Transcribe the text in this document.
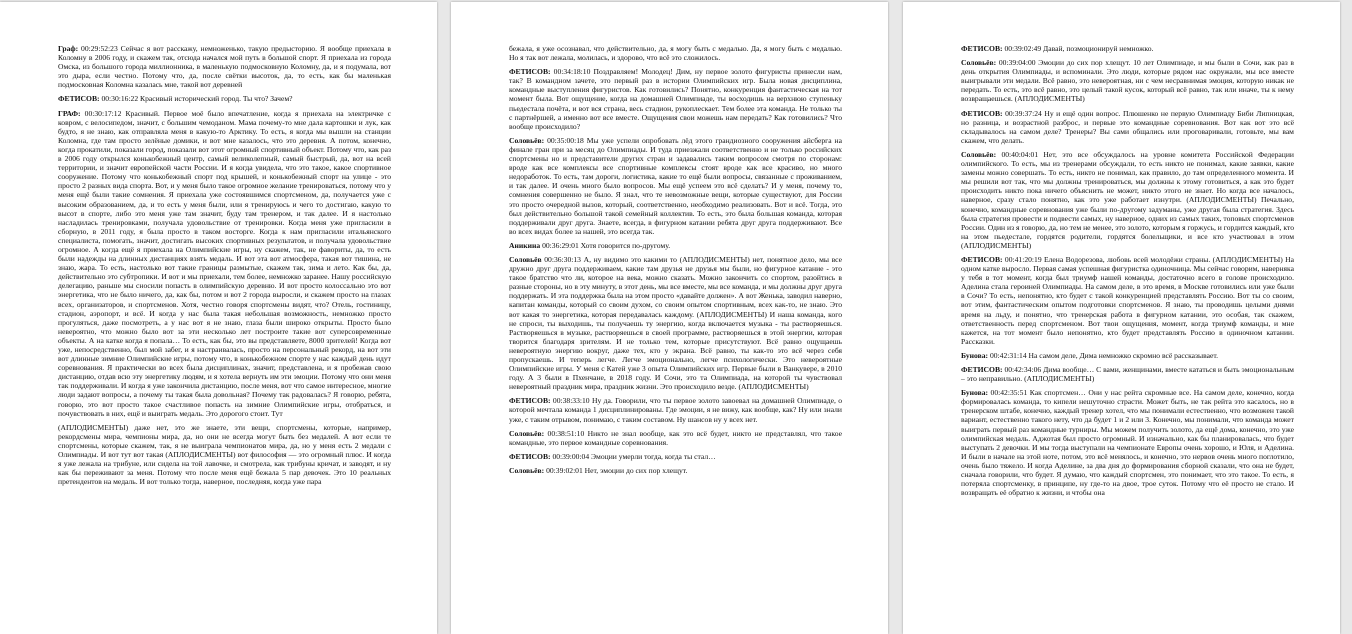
Граф: 00:29:52:23 Сейчас я вот расскажу, немноженько, такую предысторию. Я вообще приехала в Коломну в 2006 году, и скажем так, отсюда начался мой путь в большой спорт. Я приехала из города Омска, из большого города миллионника, в маленькую подмосковную Коломну, да, и я подумала, вот это дыра, если честно. Потому что, да, после свётки высоток, да, то есть, как бы маленькая подмосковная Коломна казалась мне, такой вот деревней

ФЕТИСОВ: 00:30:16:22 Красивый исторический город. Ты что? Зачем?

ГРАФ: 00:30:17:12 Красивый. Первое моё было впечатление, когда я приехала на электричке с ковром, с велосипедом, значит, с большим чемоданом. Мама почему-то мне дала картошки и лук, как будто, я не знаю, как отправляла меня в какую-то Арктику. То есть, я когда мы вышли на станции Коломна, где там просто зелёные домики, и вот мне казалось, что это деревня. А потом, конечно, когда прокатили, показали город, показали вот этот огромный спортивный объект. Потому что, как раз в 2006 году открылся конькобежный центр, самый великолепный, самый быстрый, да, вот на всей территории, и значит европейской части России. И я когда увидела, что это такое, какое спортивное сооружение. Потому что конькобежный спорт под крышей, и конькобежный спорт на улице - это просто 2 разных вида спорта. Вот, и у меня было такое огромное желание тренироваться, потому что у меня ещё были такие сомнения. Я приехала уже состоявшимся спортсменом, да, получается уже с высоким образованием, да, и то есть у меня были, или я тренируюсь и чего то достигаю, какую то высот в спорте, либо это меня уже там значит, буду там тренером, и так далее. И я настолько насладилась тренировками, получала удовольствие от тренировки. Когда меня уже пригласили в сборную, в 2011 году, я была просто в таком восторге. Когда к нам пригласили итальянского специалиста, помогать, значит, достигать высоких спортивных результатов, и получала удовольствие огромное. А когда ещё я приехала на Олимпийские игры, ну скажем, так, не фавориты, да, то есть были надежды на длинных дистанциях взять медаль. И вот эта вот атмосфера, такая вот тишина, не знаю, жара. То есть, настолько вот такие границы размытые, скажем так, зима и лето. Как бы, да, действительно это субтропики. И вот и мы приехали, тем более, немножко заранее. Нашу российскую делегацию, раньше мы сносили попасть в олимпийскую деревню. И вот просто колоссально это вот энергетика, что не было ничего, да, как бы, потом и вот 2 города выросли, и скажем просто на глазах всех, организаторов, и спортсменов. Хотя, честно говоря спортсмены видят, что? Отель, гостиницу, стадион, аэропорт, и всё. И когда у нас была такая небольшая возможность, немножко просто прогуляться, даже посмотреть, а у нас вот я не знаю, глаза были широко открыты. Просто было невероятно, что можно было вот за эти несколько лет построите такие вот суперсовременные объекты. А на катке когда я попала… То есть, как бы, это вы представляете, 8000 зрителей! Когда вот уже, непосредственно, был мой забег, и я настраивалась, просто на персональный рекорд, на вот эти вот длинные зимние Олимпийские игры, потому что, в конькобежном спорте у нас каждый день идут соревнования. Я практически во всех была дисциплинах, значит, представлена, и я пробежав свою дистанцию, отдав всю эту энергетику людям, и я хотела вернуть им эти эмоции. Потому что они меня так поддерживали. И когда я уже закончила дистанцию, после меня, вот что самое интересное, многие люди задают вопросы, а почему ты такая была довольная? Почему так радовалась? Я говорю, ребята, говорю, это вот просто такое счастливое попасть на зимние Олимпийские игры, отобраться, и почувствовать в них, ещё и выиграть медаль. Это дорогого стоит. Тут

(АПЛОДИСМЕНТЫ) даже нет, это же знаете, эти вещи, спортсмены, которые, например, рекордсмены мира, чемпионы мира, да, но они не всегда могут быть без медалей. А вот если те спортсмены, которые скажем, так, я не выиграла чемпионатов мира, да, но у меня есть 2 медали с Олимпиады. И вот тут вот такая (АПЛОДИСМЕНТЫ) вот философия — это огромный плюс. И когда я уже лежала на трибуне, или сидела на той лавочке, и смотрела, как трибуны кричат, и заводят, и ну как бы переживают за меня. Потому что после меня ещё бежала 5 пар девочек. Это 10 реальных претендентов на медаль. И вот только тогда, наверное, последняя, когда уже пара

бежала, я уже осознавал, что действительно, да, я могу быть с медалью. Да, я могу быть с медалью. Но я так вот лежала, молилась, и здорово, что всё это сложилось.

ФЕТИСОВ: 00:34:18:10 Поздравляем! Молодец! Дим, ну первое золото фигуристы принесли нам, так? В командном зачете, это первый раз в истории Олимпийских игр. Была новая дисциплина, командные выступления фигуристов. Как готовились? Понятно, конкуренция фантастическая на тот момент была. Вот ощущение, когда на домашней Олимпиаде, ты восходишь на верхнюю ступеньку пьедестала почёта, и вот вся страна, весь стадион, рукоплескает. Тем более эта команда. Не только ты с партнёршей, а именно вот все вместе. Ощущения свои можешь нам передать? Как готовились? Что вообще происходило?

Соловьёв: 00:35:00:18 Мы уже успели опробовать лёд этого грандиозного сооружения айсберга на финале гран при за месяц до Олимпиады. И туда приезжали соответственно и не только российских спортсмены но и представители других стран и задавались таким вопросом смотря по сторонам: вроде как все комплексы все спортивные комплексы стоят вроде как все красиво, но много недоработок. То есть, там дороги, логистика, какие то ещё были вопросы, связанные с проживанием, и так далее. И очень много было вопросов. Мы ещё успеем это всё сделать? И у меня, почему то, сомнения совершенно не было. Я знал, что те невозможные вещи, которые существуют, для России это просто очередной вызов, который, соответственно, необходимо реализовать. Вот и всё. Тогда, это был действительно большой такой семейный коллектив. То есть, это была большая команда, которая поддерживали друг друга. Знаете, всегда, в фигурном катании ребята друг друга поддерживают. Все во всех видах более за нашей, это всегда так.

Аникина 00:36:29:01 Хотя говорится по-другому.

Соловьёв 00:36:30:13 А, ну видимо это какими то (АПЛОДИСМЕНТЫ) нет, понятное дело, мы все дружно друг друга поддерживаем, какие там друзья не друзья мы были, но фигурное катание - это такое братство что ли, которое на века, можно сказать. Можно закончить со спортом, разойтись в разные стороны, но в эту минуту, в этот день, мы все вместе, мы все команда, и мы должны друг друга поддержать. И эта поддержка была на этом просто «давайте должен». А вот Женька, заводил наверно, капитан команды, который со своим духом, со своим опытом спортивным, всех как-то, не знаю. Это вот какая то энергетика, которая передавалась каждому. (АПЛОДИСМЕНТЫ) И наша команда, кого не спроси, ты выходишь, ты получаешь ту энергию, когда включается музыка - ты растворяешься. Растворяешься в музыке, растворяешься в своей программе, растворяешься в этой энергии, которая творится благодаря зрителям. И не только тем, которые присутствуют. Всё равно ощущаешь невероятную энергию вокруг, даже тех, кто у экрана. Всё равно, ты как-то это всё через себя пропускаешь. И теперь легче. Легче эмоционально, легче психологически. Это невероятные Олимпийские игры. У меня с Катей уже 3 опыта Олимпийских игр. Первые были в Ванкувере, в 2010 году. А 3 были в Пхенчане, в 2018 году. И Сочи, это та Олимпиада, на которой ты чувствовал невероятный праздник мира, праздник жизни. Это происходило везде. (АПЛОДИСМЕНТЫ)

ФЕТИСОВ: 00:38:33:10 Ну да. Говорили, что ты первое золото завоевал на домашней Олимпиаде, о которой мечтала команда 1 дисциплинированы. Где эмоции, я не вижу, как вообще, как? Ну или знали уже, с таким отрывом, понимаю, с таким составом. Ну шансов ну у всех нет.

Соловьёв: 00:38:51:10 Никто не знал вообще, как это всё будет, никто не представлял, что такое командные, это первое командные соревнования.

ФЕТИСОВ: 00:39:00:04 Эмоции умерли тогда, когда ты стал…

Соловьёв: 00:39:02:01 Нет, эмоции до сих пор хлещут.

ФЕТИСОВ: 00:39:02:49 Давай, позмоциониpуй немножко.

Соловьёв: 00:39:04:00 Эмоции до сих пор хлещут. 10 лет Олимпиаде, и мы были в Сочи, как раз в день открытия Олимпиады, и вспоминали. Это люди, которые рядом нас окружали, мы все вместе выигрывали эти медали. Всё равно, это невероятная, ни с чем несравнимая эмоция, которую никак не передать. То есть, это всё равно, это целый такой кусок, который всё равно, так или иначе, ты к нему возвращаешься. (АПЛОДИСМЕНТЫ)

ФЕТИСОВ: 00:39:37:24 Ну и ещё один вопрос. Плюшенко не первую Олимпиаду Биби Липницкая, но разница, и возрастной разброс, и первые это командные соревнования. Вот как вот это всё складывалось на самом деле? Тренеры? Вы сами общались или проговаривали, готовьте, мы вам скажем, что делать.

Соловьёв: 00:40:04:01 Нет, это все обсуждалось на уровне комитета Российской Федерации олимпийского. То есть, мы из тренерами обсуждали, то есть никто не понимал, какие заявки, какие замены можно совершать. То есть, никто не понимал, как правило, до там определенного момента. И мы решили вот так, что мы должны тренироваться, мы должны к этому готовиться, а как это будет происходить никто пока ничего объяснить не может, никто этого не знает. Но когда все началось, наверное, сразу стало понятно, как это уже работает изнутри. (АПЛОДИСМЕНТЫ) Печально, конечно, командные соревнования уже были по-другому задуманы, уже другая была стратегия. Здесь была стратегия провести и подвести самых, ну наверное, одних из самых таких, топовых спортсменов России. Один из я говорю, да, но тем не менее, это золото, которым я горжусь, и гордится каждый, кто на этом пьедестале, гордятся родители, гордятся болельщики, и все кто участвовал в этом (АПЛОДИСМЕНТЫ)

ФЕТИСОВ: 00:41:20:19 Елена Водорезова, любовь всей молодёжи страны. (АПЛОДИСМЕНТЫ) На одном катке выросло. Первая самая успешная фигуристка одиночница. Мы сейчас говорим, наверняка у тебя в тот момент, когда был триумф нашей команды, достаточно всего в голове происходило. Аделина стала героиней Олимпиады. На самом деле, в это время, в Москве готовились или уже были в Сочи? То есть, непонятно, кто будет с такой конкуренцией представлять Россию. Вот ты со своим, вот этим, фантастическим опытом подготовки спортсменов. Я знаю, ты проводишь целыми днями время на льду, и понятно, что тренерская работа в фигурном катании, это особая, так скажем, ответственность перед спортсменом. Вот твои ощущения, момент, когда триумф команды, и мне кажется, на тот момент было непонятно, кто будет представлять Россию в одиночном катании. Рассказки.

Бунова: 00:42:31:14 На самом деле, Дима немножко скромно всё рассказывает.

ФЕТИСОВ: 00:42:34:06 Дима вообще… С вами, женщинами, вместе кататься и быть эмоциональным – это неправильно. (АПЛОДИСМЕНТЫ)

Бунова: 00:42:35:51 Как спортсмен… Они у нас рейта скромные все. На самом деле, конечно, когда формировалась команда, то кипели нешуточно страсти. Может быть, не так рейта это касалось, но в тренерском штабе, конечно, каждый тренер хотел, что мы понимали естественно, что возможен такой вариант, естественно такого нету, что да будет 1 и 2 или 3. Конечно, мы понимали, что команда может выиграть первый раз командные турниры. Мы можем получить золото, да ещё дома, конечно, это уже олимпийская медаль. Аджотая был просто огромный. И изначально, как бы планировалась, что будет выступать 2 девочки. И мы тогда выступали на чемпионате Европы очень хорошо, и Юля, и Аделина. И были в начале на этой ноте, потом, это всё менялось, и конечно, это нервов очень много поглотило, очень было тяжело. И когда Аделине, за два дня до формирования сборной сказали, что она не будет, сначала говорили, что будет. Я думаю, что каждый спортсмен, это понимает, что это такое. То есть, я потеряла спортсменку, в принципе, ну где-то на двое, трое суток. Потому что её просто не стало. И возвращать её обратно к жизни, и чтобы она
